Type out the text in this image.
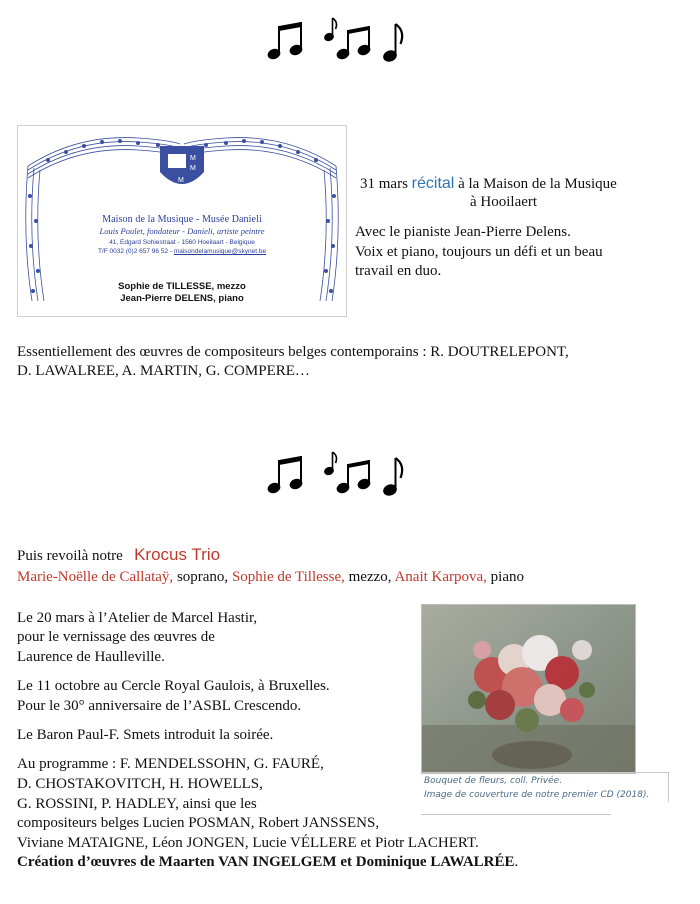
M
M
M
Maison de la Musique - Musée Danieli
Louis Poulet, fondateur - Danieli, artiste peintre
41, Edgard Sohiestraat - 1560 Hoeilaart - Belgique
T/F 0032 (0)2 657 96 52 - maisondelamusique@skynet.be
Sophie de TILLESSE, mezzo
Jean-Pierre DELENS, piano
31 mars récital à la Maison de la Musique
à Hooilaert
Avec le pianiste Jean-Pierre Delens.
Voix et piano, toujours un défi et un beau
travail en duo.
Essentiellement des œuvres de compositeurs belges contemporains : R. DOUTRELEPONT,
D. LAWALREE, A. MARTIN, G. COMPERE…
Puis revoilà notre   Krocus Trio
Marie-Noëlle de Callataÿ, soprano, Sophie de Tillesse, mezzo, Anait Karpova, piano
Le 20 mars à l’Atelier de Marcel Hastir,
pour le vernissage des œuvres de
Laurence de Haulleville.
Le 11 octobre au Cercle Royal Gaulois, à Bruxelles.
Pour le 30° anniversaire de l’ASBL Crescendo.
Le Baron Paul-F. Smets introduit la soirée.
Au programme : F. MENDELSSOHN, G. FAURÉ,
D. CHOSTAKOVITCH, H. HOWELLS,
G. ROSSINI, P. HADLEY, ainsi que les
compositeurs belges Lucien POSMAN, Robert JANSSENS,
Viviane MATAIGNE, Léon JONGEN, Lucie VÉLLERE et Piotr LACHERT.
Création d’œuvres de Maarten VAN INGELGEM et Dominique LAWALRÉE.
Bouquet de fleurs, coll. Privée.
Image de couverture de notre premier CD (2018).
